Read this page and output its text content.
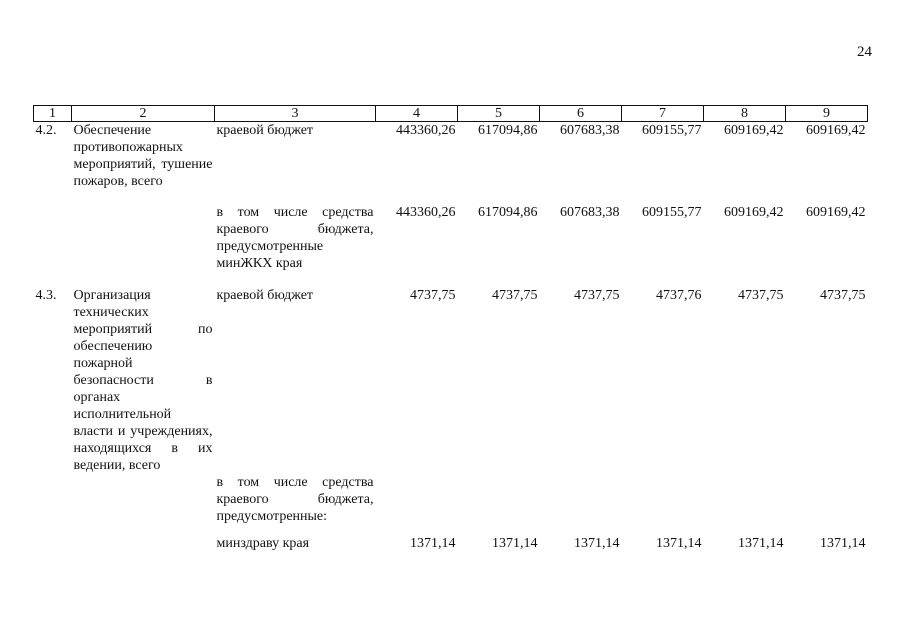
24
1	2	3	4	5	6	7	8	9
4.2.	Обеспечение противопожарных мероприятий, тушение пожаров, всего	краевой бюджет	443360,26	617094,86	607683,38	609155,77	609169,42	609169,42
		в том числе средства краевого бюджета, предусмотренные минЖКХ края	443360,26	617094,86	607683,38	609155,77	609169,42	609169,42
4.3.	Организация технических мероприятий по обеспечению пожарной безопасности в органах исполнительной власти и учреждениях, находящихся в их ведении, всего	краевой бюджет	4737,75	4737,75	4737,75	4737,76	4737,75	4737,75
		в том числе средства краевого бюджета, предусмотренные:						
		минздраву края	1371,14	1371,14	1371,14	1371,14	1371,14	1371,14
